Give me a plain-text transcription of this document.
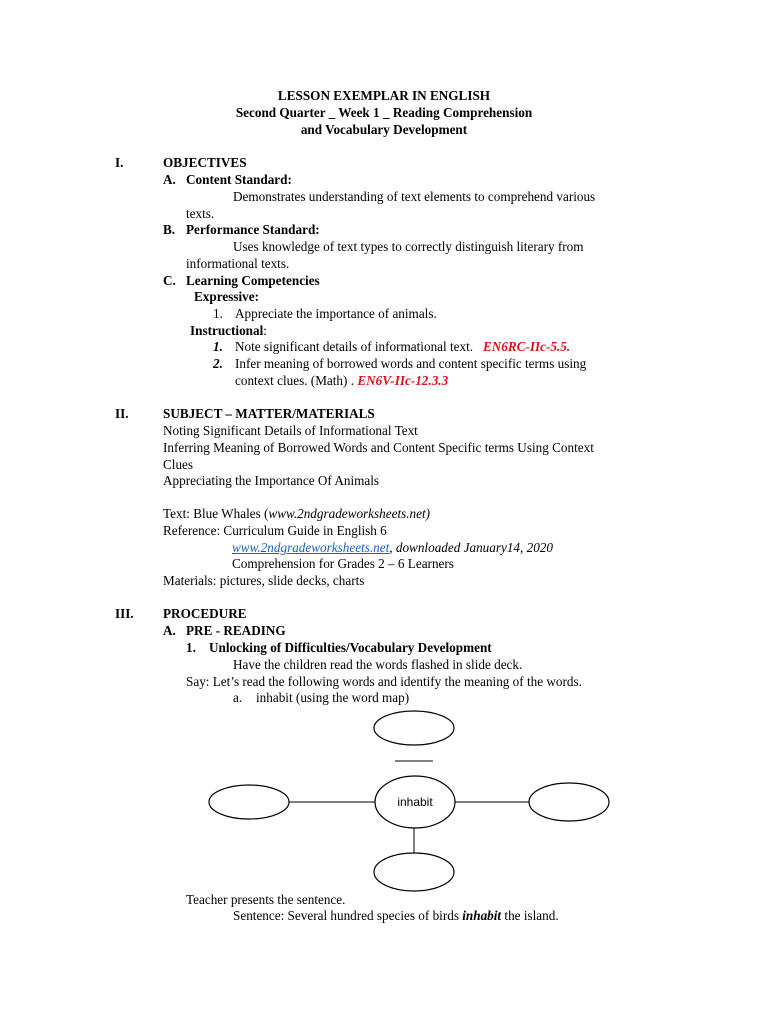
LESSON EXEMPLAR IN ENGLISH
Second Quarter _ Week 1 _ Reading Comprehension
and Vocabulary Development
I.	OBJECTIVES
A. Content Standard:
Demonstrates understanding of text elements to comprehend various
texts.
B. Performance Standard:
Uses knowledge of text types to correctly distinguish literary from
informational texts.
C. Learning Competencies
Expressive:
1. Appreciate the importance of animals.
Instructional:
1. Note significant details of informational text. EN6RC-IIc-5.5.
2. Infer meaning of borrowed words and content specific terms using
context clues. (Math) . EN6V-IIc-12.3.3
II.	SUBJECT – MATTER/MATERIALS
Noting Significant Details of Informational Text
Inferring Meaning of Borrowed Words and Content Specific terms Using Context
Clues
Appreciating the Importance Of Animals
Text: Blue Whales (www.2ndgradeworksheets.net)
Reference: Curriculum Guide in English 6
www.2ndgradeworksheets.net, downloaded January14, 2020
Comprehension for Grades 2 – 6 Learners
Materials: pictures, slide decks, charts
III. PROCEDURE
A. PRE - READING
1. Unlocking of Difficulties/Vocabulary Development
Have the children read the words flashed in slide deck.
Say: Let’s read the following words and identify the meaning of the words.
a. inhabit (using the word map)
inhabit
Teacher presents the sentence.
Sentence: Several hundred species of birds inhabit the island.
